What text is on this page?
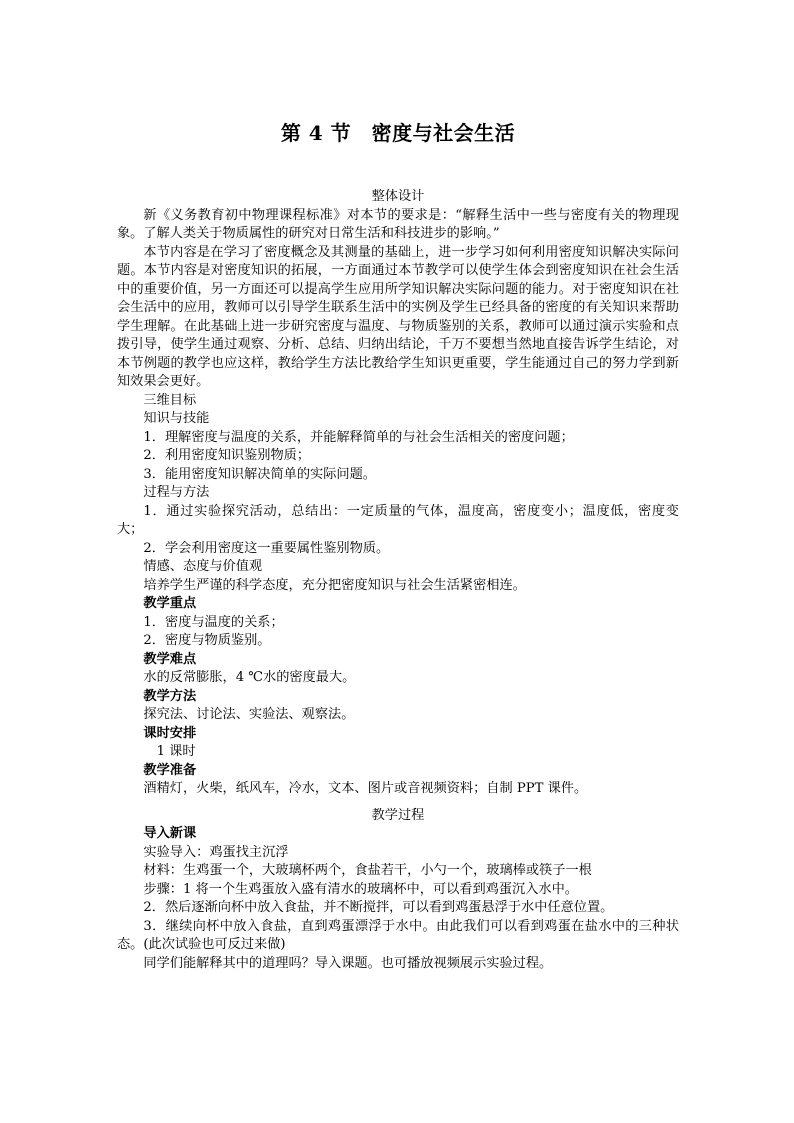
第 4 节　密度与社会生活

整体设计

新《义务教育初中物理课程标准》对本节的要求是：“解释生活中一些与密度有关的物理现象。了解人类关于物质属性的研究对日常生活和科技进步的影响。”

本节内容是在学习了密度概念及其测量的基础上，进一步学习如何利用密度知识解决实际问题。本节内容是对密度知识的拓展，一方面通过本节教学可以使学生体会到密度知识在社会生活中的重要价值，另一方面还可以提高学生应用所学知识解决实际问题的能力。对于密度知识在社会生活中的应用，教师可以引导学生联系生活中的实例及学生已经具备的密度的有关知识来帮助学生理解。在此基础上进一步研究密度与温度、与物质鉴别的关系，教师可以通过演示实验和点拨引导，使学生通过观察、分析、总结、归纳出结论，千万不要想当然地直接告诉学生结论，对本节例题的教学也应这样，教给学生方法比教给学生知识更重要，学生能通过自己的努力学到新知效果会更好。

三维目标

知识与技能

1．理解密度与温度的关系，并能解释简单的与社会生活相关的密度问题；

2．利用密度知识鉴别物质；

3．能用密度知识解决简单的实际问题。

过程与方法

1．通过实验探究活动，总结出：一定质量的气体，温度高，密度变小；温度低，密度变大；

2．学会利用密度这一重要属性鉴别物质。

情感、态度与价值观

培养学生严谨的科学态度，充分把密度知识与社会生活紧密相连。

教学重点

1．密度与温度的关系；

2．密度与物质鉴别。

教学难点

水的反常膨胀，4 ℃水的密度最大。

教学方法

探究法、讨论法、实验法、观察法。

课时安排

1 课时

教学准备

酒精灯，火柴，纸风车，冷水，文本、图片或音视频资料；自制 PPT 课件。

教学过程

导入新课

实验导入：鸡蛋找主沉浮

材料：生鸡蛋一个，大玻璃杯两个，食盐若干，小勺一个，玻璃棒或筷子一根

步骤：1 将一个生鸡蛋放入盛有清水的玻璃杯中，可以看到鸡蛋沉入水中。

2．然后逐渐向杯中放入食盐，并不断搅拌，可以看到鸡蛋悬浮于水中任意位置。

3．继续向杯中放入食盐，直到鸡蛋漂浮于水中。由此我们可以看到鸡蛋在盐水中的三种状态。(此次试验也可反过来做)

同学们能解释其中的道理吗？导入课题。也可播放视频展示实验过程。
